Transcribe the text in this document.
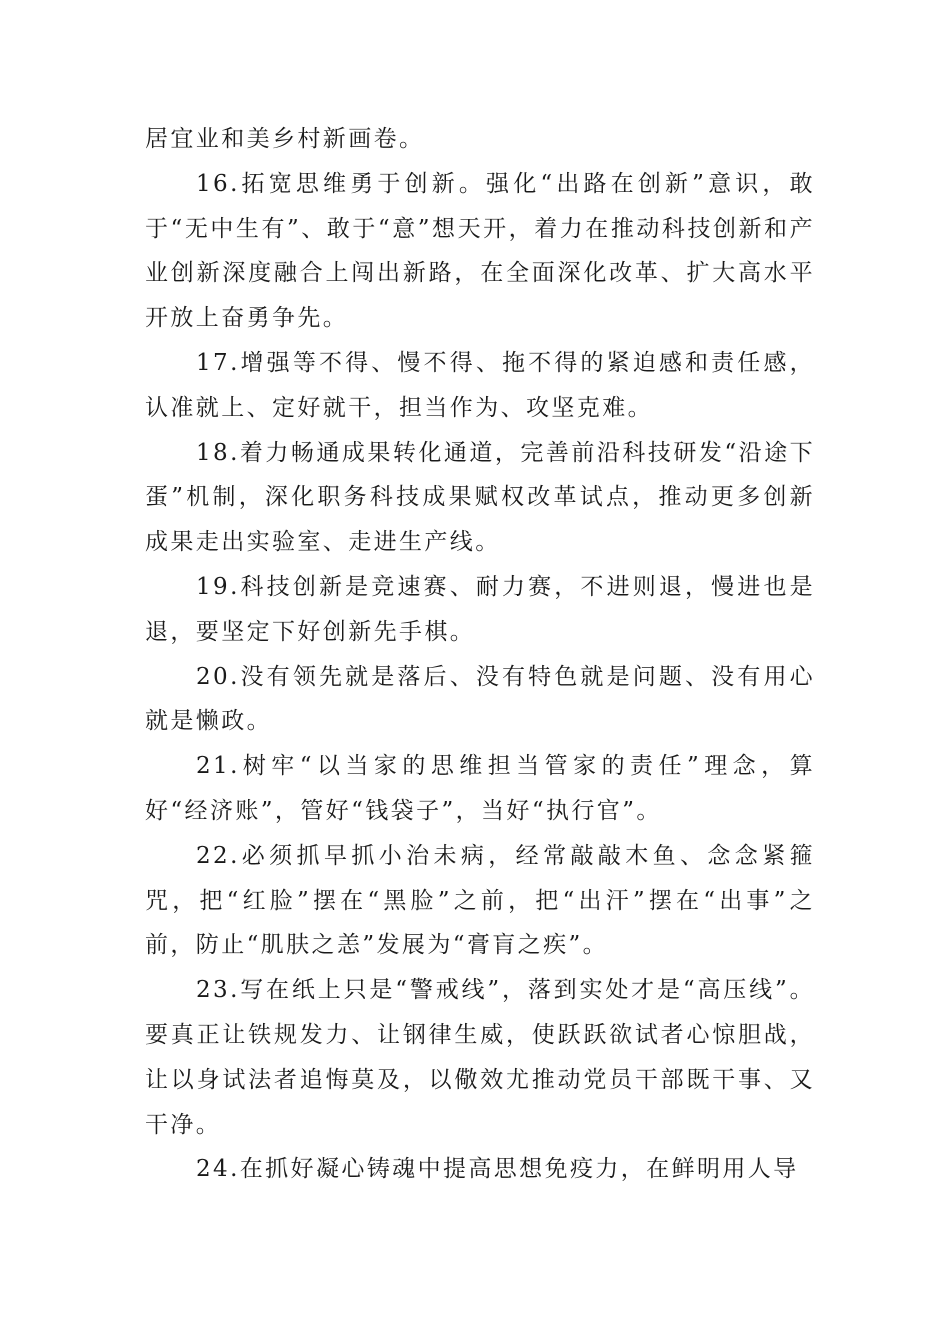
居宜业和美乡村新画卷。

16.拓宽思维勇于创新。强化“出路在创新”意识，敢于“无中生有”、敢于“意”想天开，着力在推动科技创新和产业创新深度融合上闯出新路，在全面深化改革、扩大高水平开放上奋勇争先。

17.增强等不得、慢不得、拖不得的紧迫感和责任感，认准就上、定好就干，担当作为、攻坚克难。

18.着力畅通成果转化通道，完善前沿科技研发“沿途下蛋”机制，深化职务科技成果赋权改革试点，推动更多创新成果走出实验室、走进生产线。

19.科技创新是竞速赛、耐力赛，不进则退，慢进也是退，要坚定下好创新先手棋。

20.没有领先就是落后、没有特色就是问题、没有用心就是懒政。

21.树牢“以当家的思维担当管家的责任”理念，算好“经济账”，管好“钱袋子”，当好“执行官”。

22.必须抓早抓小治未病，经常敲敲木鱼、念念紧箍咒，把“红脸”摆在“黑脸”之前，把“出汗”摆在“出事”之前，防止“肌肤之恙”发展为“膏肓之疾”。

23.写在纸上只是“警戒线”，落到实处才是“高压线”。要真正让铁规发力、让钢律生威，使跃跃欲试者心惊胆战，让以身试法者追悔莫及，以儆效尤推动党员干部既干事、又干净。

24.在抓好凝心铸魂中提高思想免疫力，在鲜明用人导
